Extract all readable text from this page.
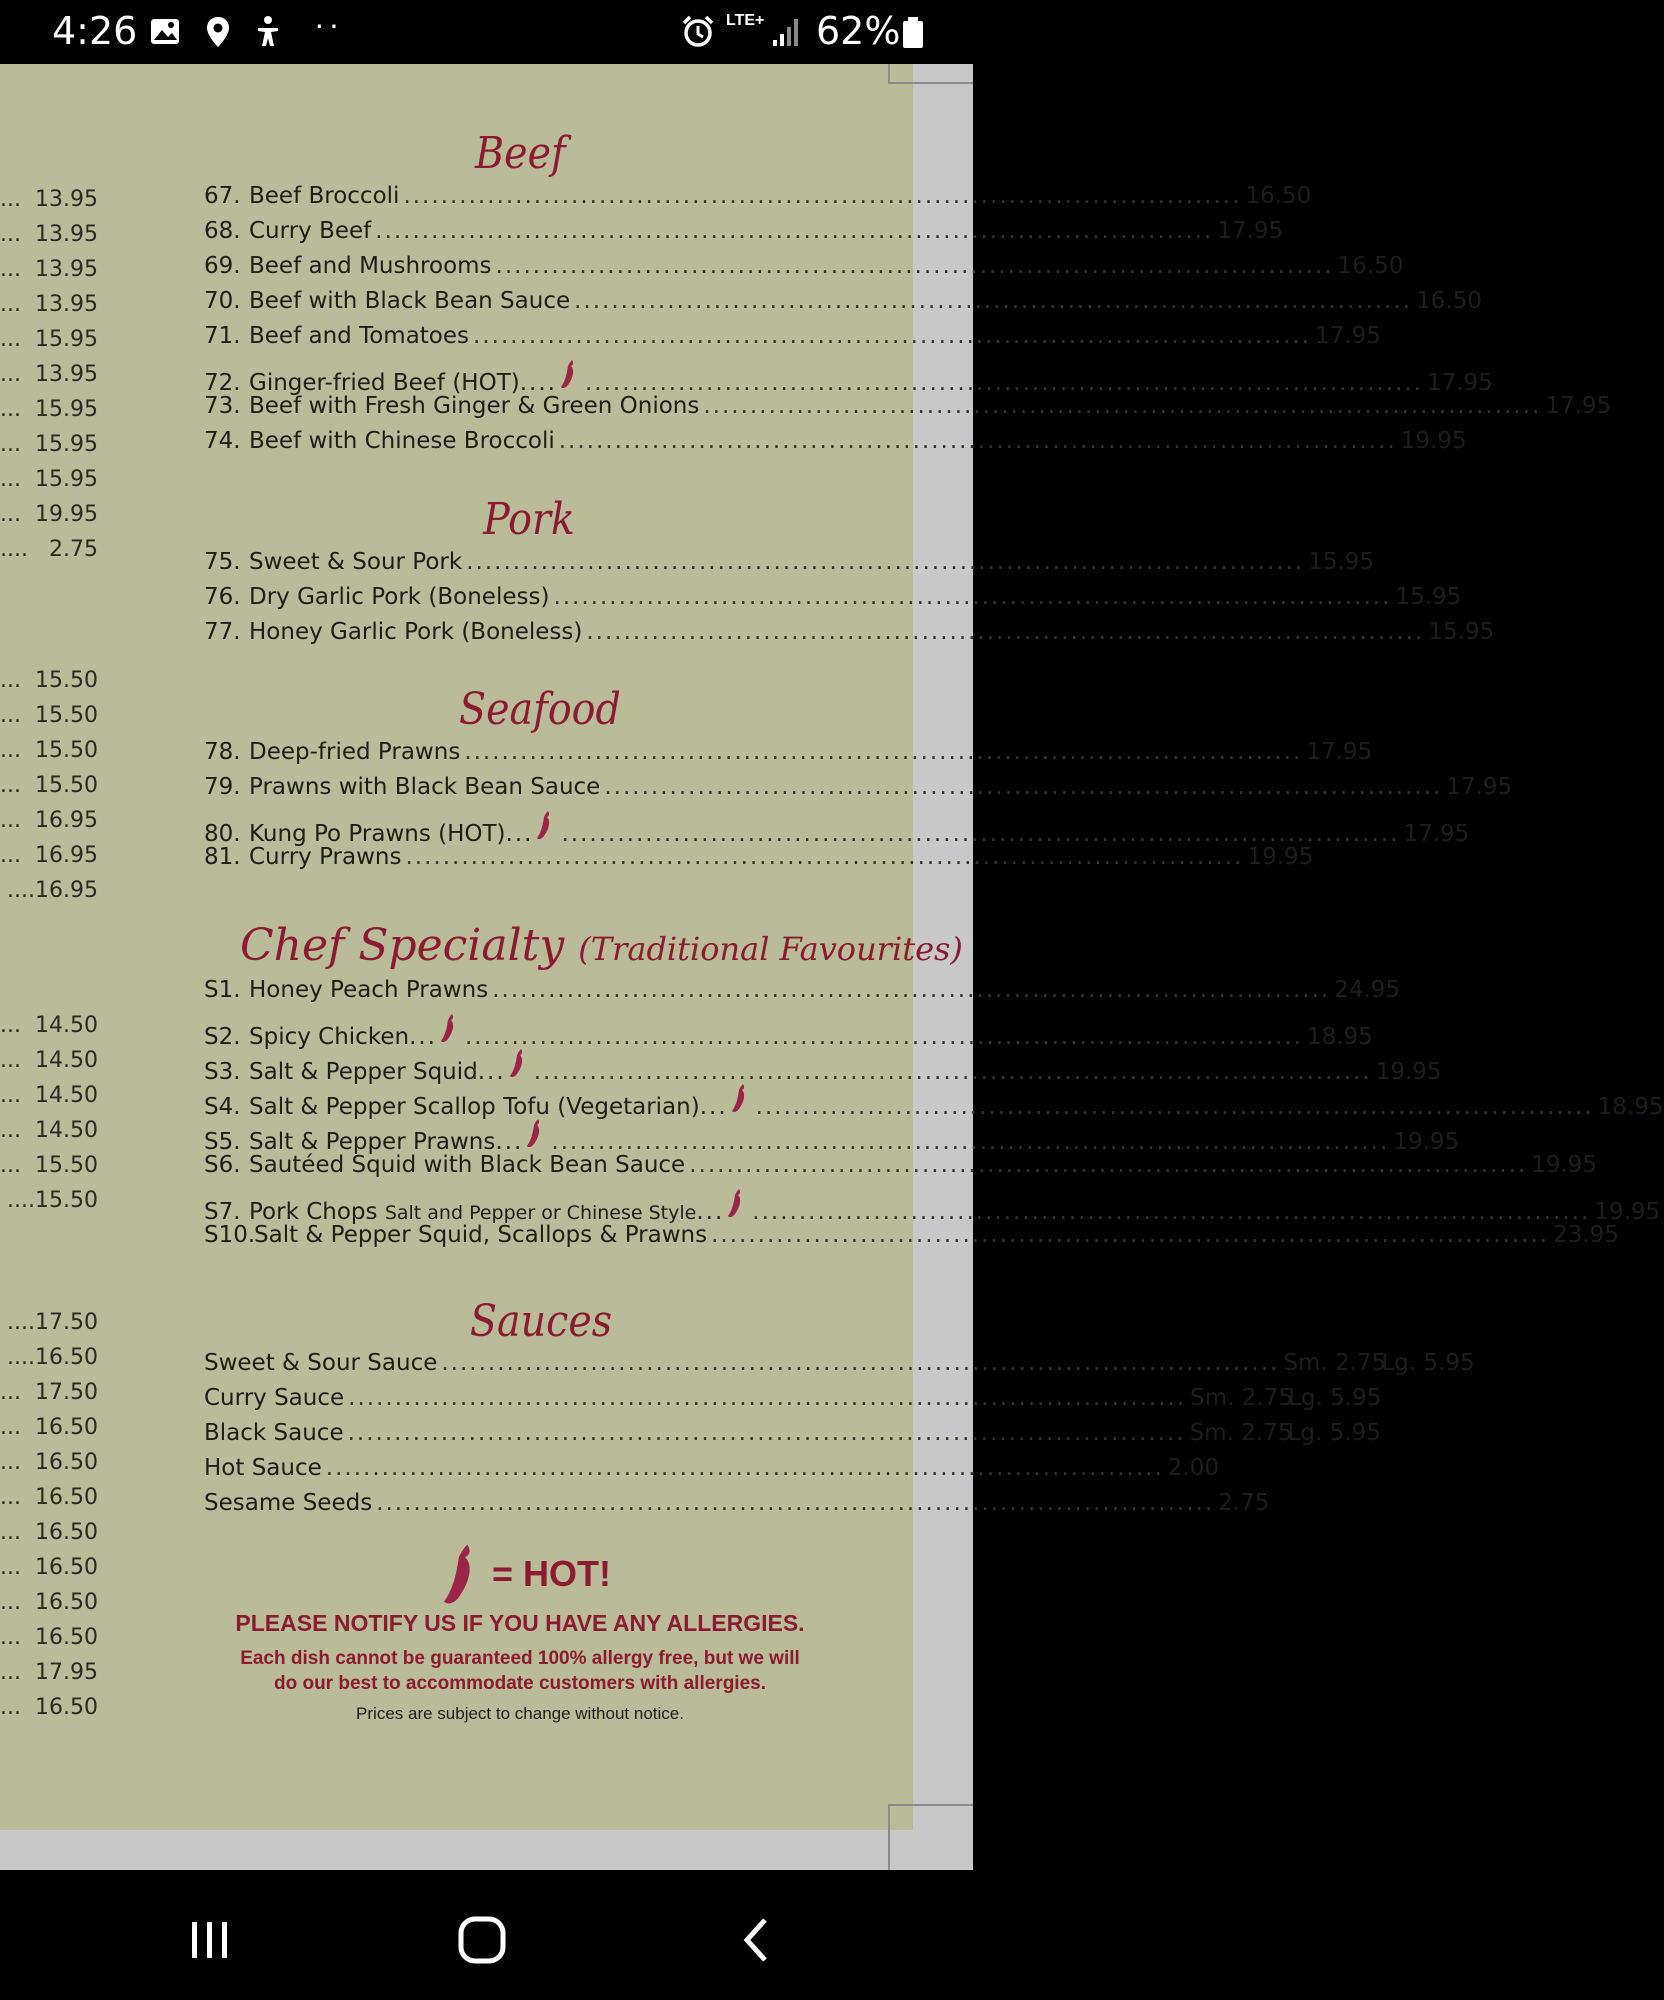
4:26	··	LTE+ 62%
...  13.95
...  13.95
...  13.95
...  13.95
...  15.95
...  13.95
...  15.95
...  15.95
...  15.95
...  19.95
....   2.75
...  15.50
...  15.50
...  15.50
...  15.50
...  16.95
...  16.95
....16.95
...  14.50
...  14.50
...  14.50
...  14.50
...  15.50
....15.50
....17.50
....16.50
...  17.50
...  16.50
...  16.50
...  16.50
...  16.50
...  16.50
...  16.50
...  16.50
...  17.95
...  16.50
Beef
67. Beef Broccoli .......................................................................................... 16.50
68. Curry Beef .......................................................................................... 17.95
69. Beef and Mushrooms .......................................................................................... 16.50
70. Beef with Black Bean Sauce .......................................................................................... 16.50
71. Beef and Tomatoes .......................................................................................... 17.95
72. Ginger-fried Beef (HOT) .... .......................................................................................... 17.95
73. Beef with Fresh Ginger & Green Onions .......................................................................................... 17.95
74. Beef with Chinese Broccoli .......................................................................................... 19.95
Pork
75. Sweet & Sour Pork .......................................................................................... 15.95
76. Dry Garlic Pork (Boneless) .......................................................................................... 15.95
77. Honey Garlic Pork (Boneless) .......................................................................................... 15.95
Seafood
78. Deep-fried Prawns .......................................................................................... 17.95
79. Prawns with Black Bean Sauce .......................................................................................... 17.95
80. Kung Po Prawns (HOT) ... .......................................................................................... 17.95
81. Curry Prawns .......................................................................................... 19.95
Chef Specialty (Traditional Favourites)
S1. Honey Peach Prawns .......................................................................................... 24.95
S2. Spicy Chicken ... .......................................................................................... 18.95
S3. Salt & Pepper Squid ... .......................................................................................... 19.95
S4. Salt & Pepper Scallop Tofu (Vegetarian) ... .......................................................................................... 18.95
S5. Salt & Pepper Prawns ... .......................................................................................... 19.95
S6. Sautéed Squid with Black Bean Sauce .......................................................................................... 19.95
S7. Pork Chops
Salt and Pepper or Chinese Style ... .......................................................................................... 19.95
S10.
Salt & Pepper Squid, Scallops & Prawns .......................................................................................... 23.95
Sauces
Sweet & Sour Sauce .......................................................................................... Sm. 2.75
Lg. 5.95
Curry Sauce .......................................................................................... Sm. 2.75
Lg. 5.95
Black Sauce .......................................................................................... Sm. 2.75
Lg. 5.95
Hot Sauce .......................................................................................... 2.00
Sesame Seeds .......................................................................................... 2.75
= HOT!
PLEASE NOTIFY US IF YOU HAVE ANY ALLERGIES.
Each dish cannot be guaranteed 100% allergy free, but we will
do our best to accommodate customers with allergies.
Prices are subject to change without notice.
